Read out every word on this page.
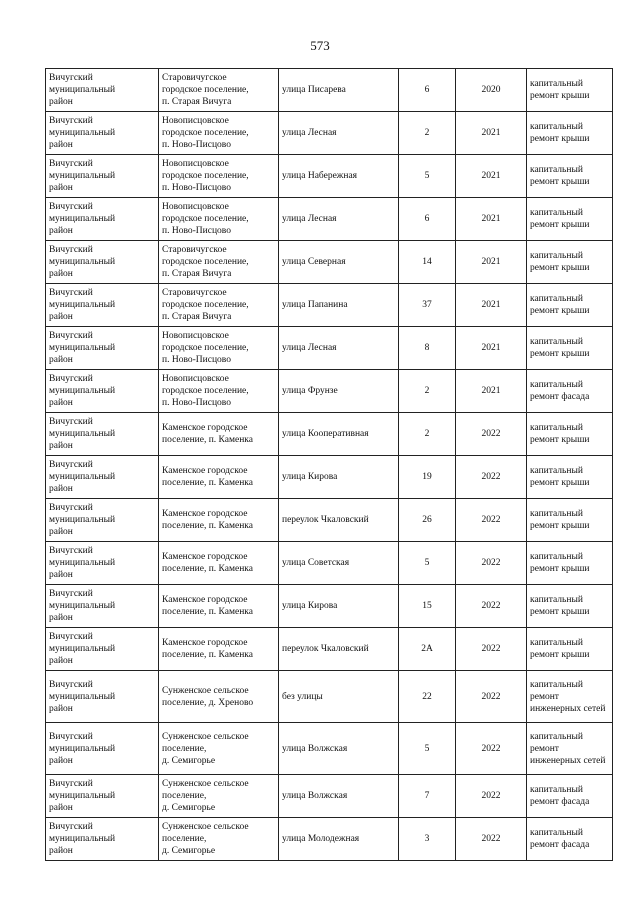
573
Вичугский
муниципальный
район	Старовичугское
городское поселение,
п. Старая Вичуга	улица Писарева	6	2020	капитальный ремонт крыши
Вичугский
муниципальный
район	Новописцовское
городское поселение,
п. Ново-Писцово	улица Лесная	2	2021	капитальный ремонт крыши
Вичугский
муниципальный
район	Новописцовское
городское поселение,
п. Ново-Писцово	улица Набережная	5	2021	капитальный ремонт крыши
Вичугский
муниципальный
район	Новописцовское
городское поселение,
п. Ново-Писцово	улица Лесная	6	2021	капитальный ремонт крыши
Вичугский
муниципальный
район	Старовичугское
городское поселение,
п. Старая Вичуга	улица Северная	14	2021	капитальный ремонт крыши
Вичугский
муниципальный
район	Старовичугское
городское поселение,
п. Старая Вичуга	улица Папанина	37	2021	капитальный ремонт крыши
Вичугский
муниципальный
район	Новописцовское
городское поселение,
п. Ново-Писцово	улица Лесная	8	2021	капитальный ремонт крыши
Вичугский
муниципальный
район	Новописцовское
городское поселение,
п. Ново-Писцово	улица Фрунзе	2	2021	капитальный ремонт фасада
Вичугский
муниципальный
район	Каменское городское
поселение, п. Каменка	улица Кооперативная	2	2022	капитальный ремонт крыши
Вичугский
муниципальный
район	Каменское городское
поселение, п. Каменка	улица Кирова	19	2022	капитальный ремонт крыши
Вичугский
муниципальный
район	Каменское городское
поселение, п. Каменка	переулок Чкаловский	26	2022	капитальный ремонт крыши
Вичугский
муниципальный
район	Каменское городское
поселение, п. Каменка	улица Советская	5	2022	капитальный ремонт крыши
Вичугский
муниципальный
район	Каменское городское
поселение, п. Каменка	улица Кирова	15	2022	капитальный ремонт крыши
Вичугский
муниципальный
район	Каменское городское
поселение, п. Каменка	переулок Чкаловский	2А	2022	капитальный ремонт крыши
Вичугский
муниципальный
район	Сунженское сельское
поселение, д. Хреново	без улицы	22	2022	капитальный ремонт инженерных сетей
Вичугский
муниципальный
район	Сунженское сельское
поселение,
д. Семигорье	улица Волжская	5	2022	капитальный ремонт инженерных сетей
Вичугский
муниципальный
район	Сунженское сельское
поселение,
д. Семигорье	улица Волжская	7	2022	капитальный ремонт фасада
Вичугский
муниципальный
район	Сунженское сельское
поселение,
д. Семигорье	улица Молодежная	3	2022	капитальный ремонт фасада
